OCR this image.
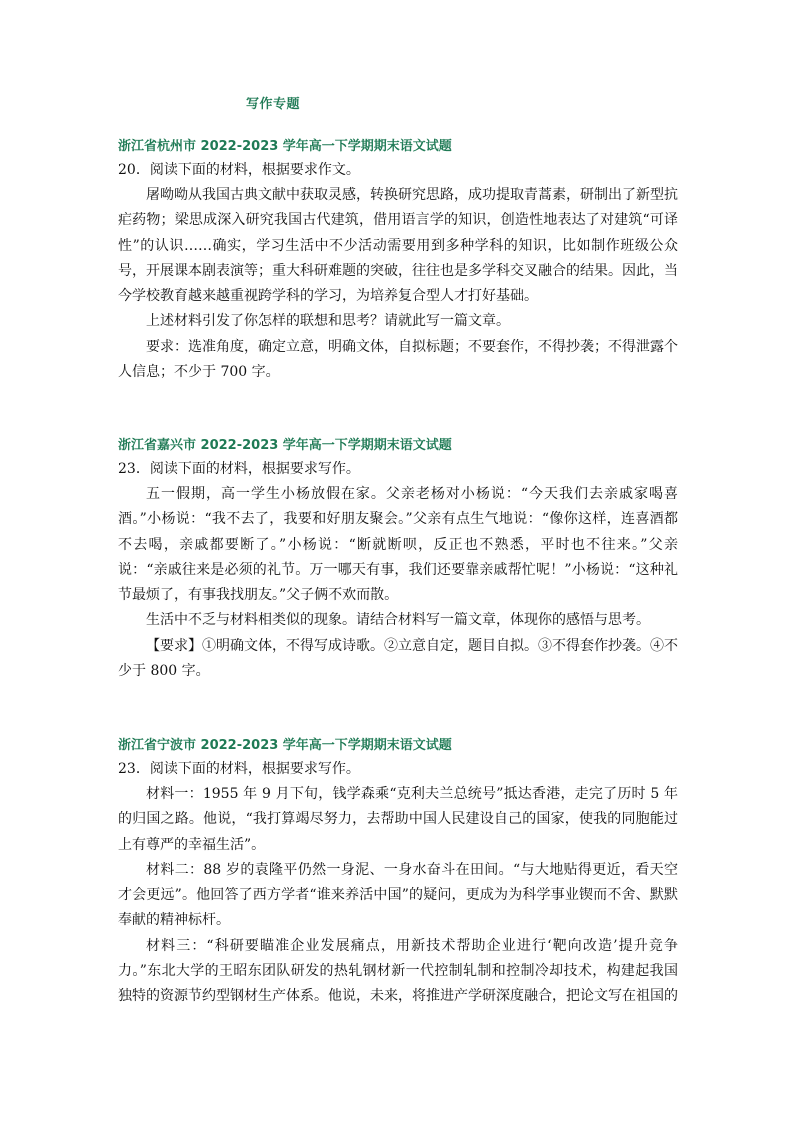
写作专题
浙江省杭州市 2022-2023 学年高一下学期期末语文试题

20．阅读下面的材料，根据要求作文。

屠呦呦从我国古典文献中获取灵感，转换研究思路，成功提取青蒿素，研制出了新型抗疟药物；梁思成深入研究我国古代建筑，借用语言学的知识，创造性地表达了对建筑“可译性”的认识……确实，学习生活中不少活动需要用到多种学科的知识，比如制作班级公众号，开展课本剧表演等；重大科研难题的突破，往往也是多学科交叉融合的结果。因此，当今学校教育越来越重视跨学科的学习，为培养复合型人才打好基础。

上述材料引发了你怎样的联想和思考？请就此写一篇文章。

要求：选准角度，确定立意，明确文体，自拟标题；不要套作，不得抄袭；不得泄露个人信息；不少于 700 字。

浙江省嘉兴市 2022-2023 学年高一下学期期末语文试题

23．阅读下面的材料，根据要求写作。

五一假期，高一学生小杨放假在家。父亲老杨对小杨说：“今天我们去亲戚家喝喜酒。”小杨说：“我不去了，我要和好朋友聚会。”父亲有点生气地说：“像你这样，连喜酒都不去喝，亲戚都要断了。”小杨说：“断就断呗，反正也不熟悉，平时也不往来。”父亲说：“亲戚往来是必须的礼节。万一哪天有事，我们还要靠亲戚帮忙呢！”小杨说：“这种礼节最烦了，有事我找朋友。”父子俩不欢而散。

生活中不乏与材料相类似的现象。请结合材料写一篇文章，体现你的感悟与思考。

【要求】①明确文体，不得写成诗歌。②立意自定，题目自拟。③不得套作抄袭。④不少于 800 字。

浙江省宁波市 2022-2023 学年高一下学期期末语文试题

23．阅读下面的材料，根据要求写作。

材料一：1955 年 9 月下旬，钱学森乘“克利夫兰总统号”抵达香港，走完了历时 5 年的归国之路。他说，“我打算竭尽努力，去帮助中国人民建设自己的国家，使我的同胞能过上有尊严的幸福生活”。

材料二：88 岁的袁隆平仍然一身泥、一身水奋斗在田间。“与大地贴得更近，看天空才会更远”。他回答了西方学者“谁来养活中国”的疑问，更成为为科学事业锲而不舍、默默奉献的精神标杆。

材料三：“科研要瞄准企业发展痛点，用新技术帮助企业进行‘靶向改造’提升竞争力。”东北大学的王昭东团队研发的热轧钢材新一代控制轧制和控制冷却技术，构建起我国独特的资源节约型钢材生产体系。他说，未来，将推进产学研深度融合，把论文写在祖国的
